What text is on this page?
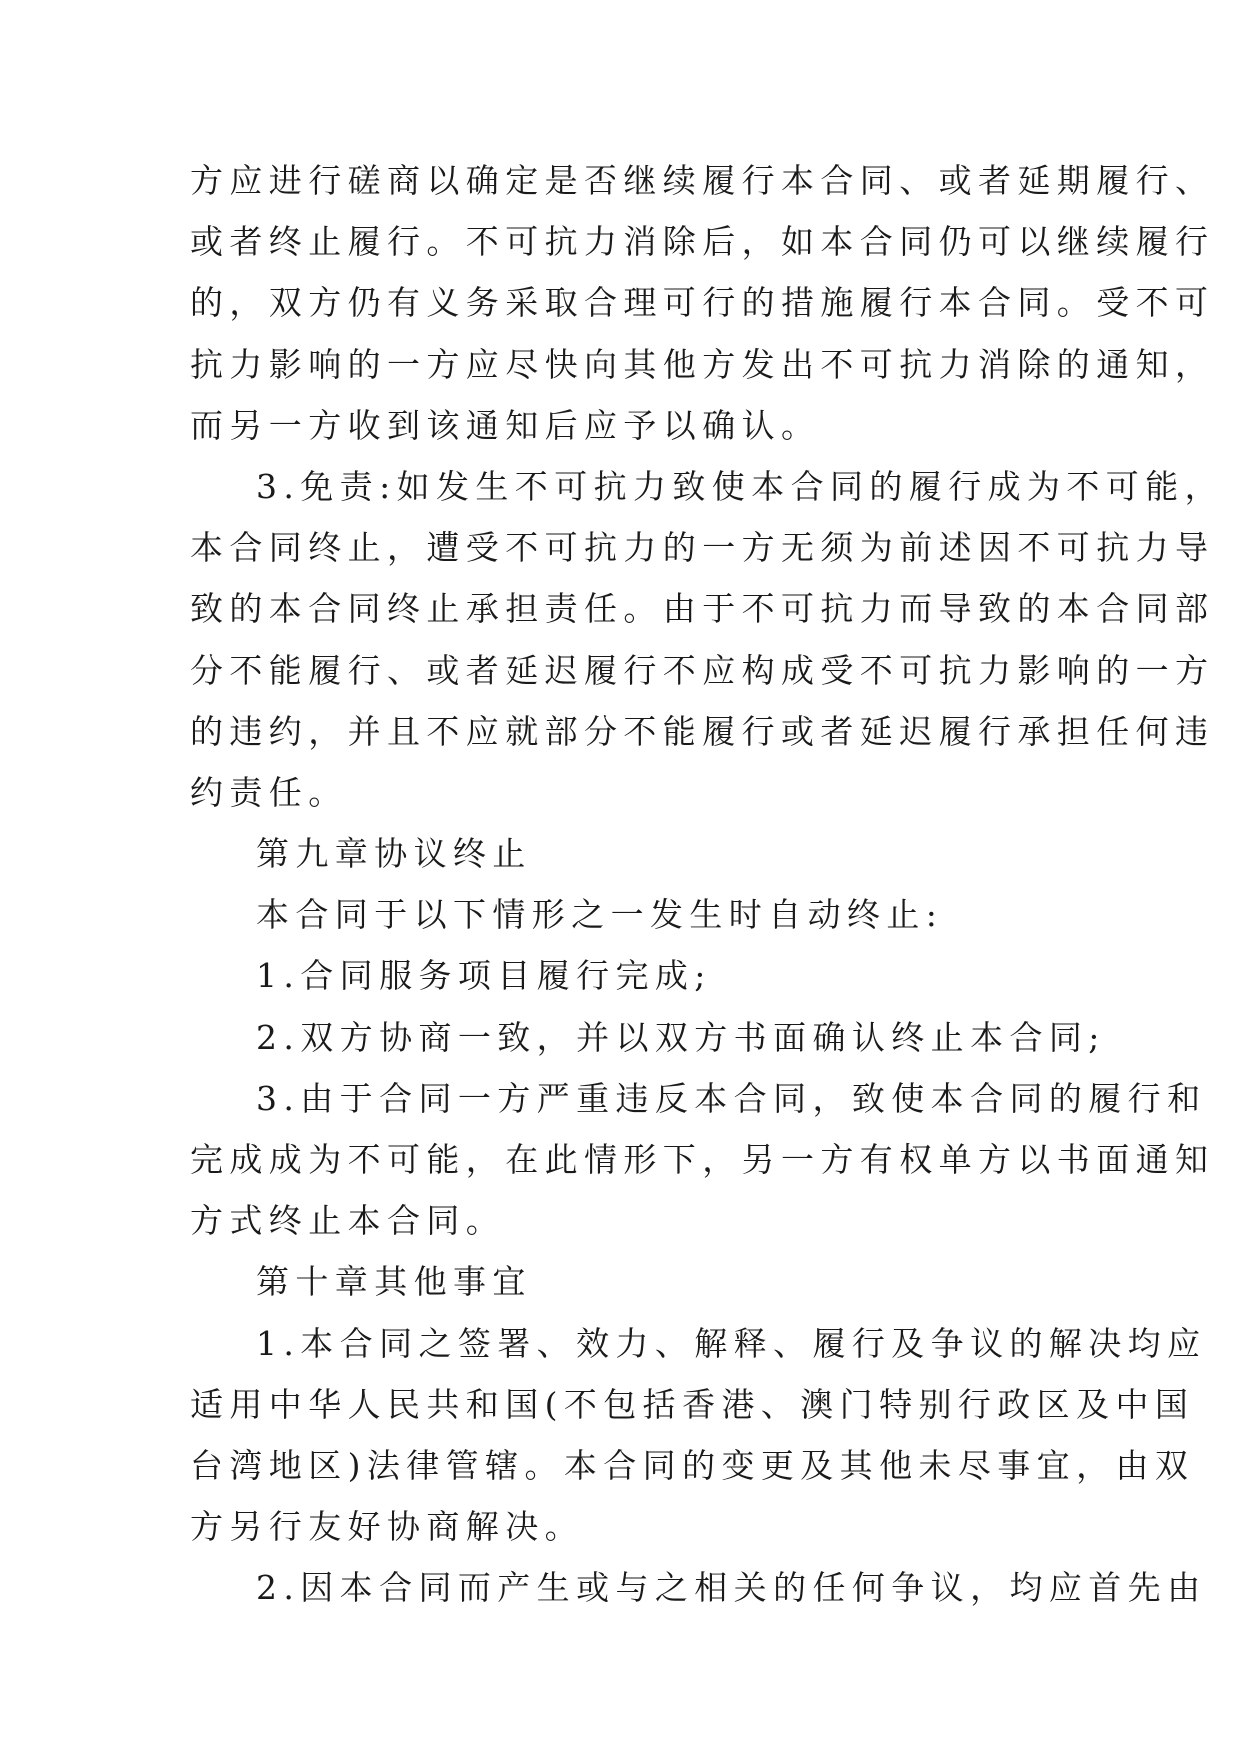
方应进行磋商以确定是否继续履行本合同、或者延期履行、
或者终止履行。不可抗力消除后，如本合同仍可以继续履行
的，双方仍有义务采取合理可行的措施履行本合同。受不可
抗力影响的一方应尽快向其他方发出不可抗力消除的通知，
而另一方收到该通知后应予以确认。
3.免责:如发生不可抗力致使本合同的履行成为不可能，
本合同终止，遭受不可抗力的一方无须为前述因不可抗力导
致的本合同终止承担责任。由于不可抗力而导致的本合同部
分不能履行、或者延迟履行不应构成受不可抗力影响的一方
的违约，并且不应就部分不能履行或者延迟履行承担任何违
约责任。
第九章协议终止
本合同于以下情形之一发生时自动终止:
1.合同服务项目履行完成;
2.双方协商一致，并以双方书面确认终止本合同;
3.由于合同一方严重违反本合同，致使本合同的履行和
完成成为不可能，在此情形下，另一方有权单方以书面通知
方式终止本合同。
第十章其他事宜
1.本合同之签署、效力、解释、履行及争议的解决均应
适用中华人民共和国(不包括香港、澳门特别行政区及中国
台湾地区)法律管辖。本合同的变更及其他未尽事宜，由双
方另行友好协商解决。
2.因本合同而产生或与之相关的任何争议，均应首先由
